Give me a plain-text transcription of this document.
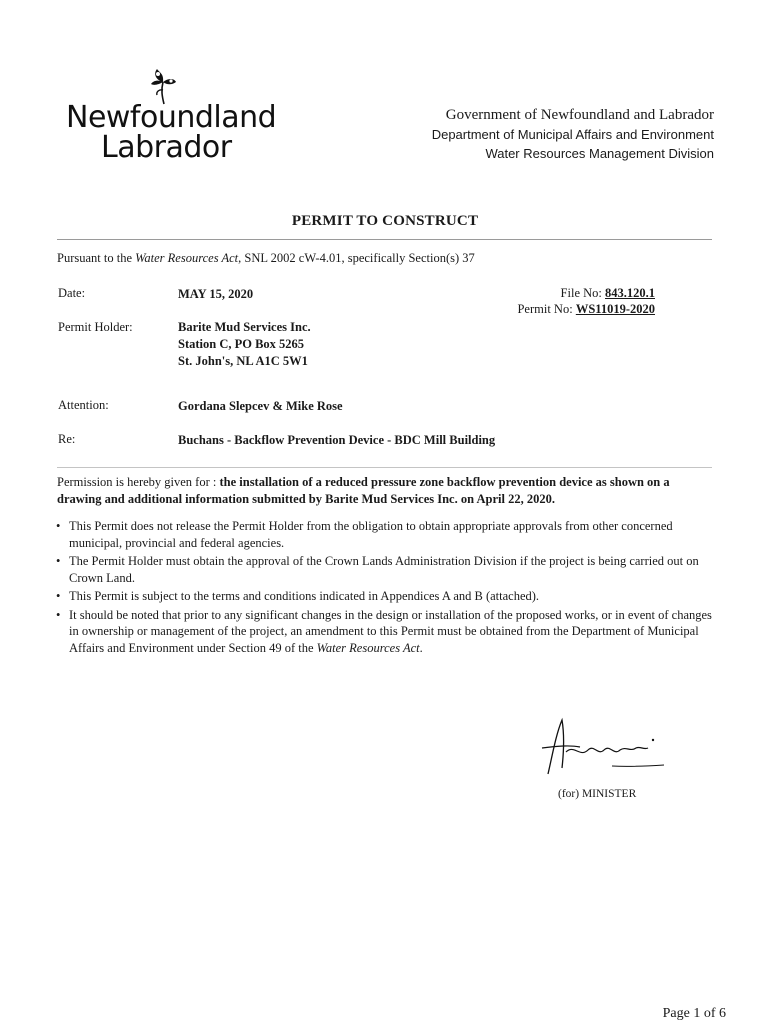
Newfoundland
Labrador
Government of Newfoundland and Labrador
Department of Municipal Affairs and Environment
Water Resources Management Division
PERMIT TO CONSTRUCT
Pursuant to the Water Resources Act, SNL 2002 cW-4.01, specifically Section(s) 37
Date:	MAY 15, 2020	File No: 843.120.1
Permit No: WS11019-2020
Permit Holder:	Barite Mud Services Inc.
Station C, PO Box 5265
St. John's, NL A1C 5W1
Attention:	Gordana Slepcev & Mike Rose
Re:	Buchans - Backflow Prevention Device - BDC Mill Building
Permission is hereby given for : the installation of a reduced pressure zone backflow prevention device as shown on a drawing and additional information submitted by Barite Mud Services Inc. on April 22, 2020.
• This Permit does not release the Permit Holder from the obligation to obtain appropriate approvals from other concerned municipal, provincial and federal agencies.
• The Permit Holder must obtain the approval of the Crown Lands Administration Division if the project is being carried out on Crown Land.
• This Permit is subject to the terms and conditions indicated in Appendices A and B (attached).
• It should be noted that prior to any significant changes in the design or installation of the proposed works, or in event of changes in ownership or management of the project, an amendment to this Permit must be obtained from the Department of Municipal Affairs and Environment under Section 49 of the Water Resources Act.
(for) MINISTER
Page 1 of 6
